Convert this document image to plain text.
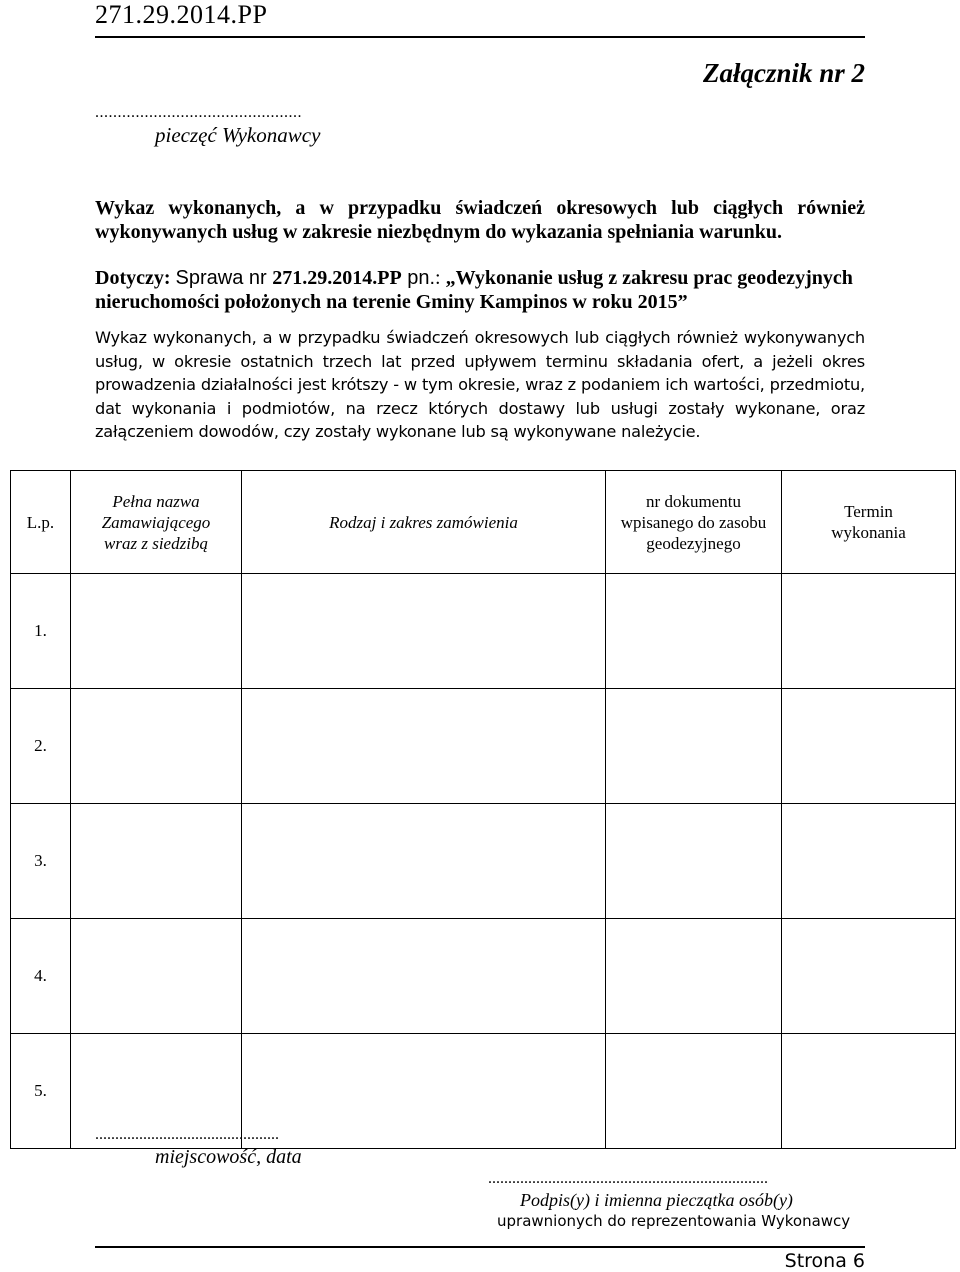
271.29.2014.PP
Załącznik nr 2
..............................................
pieczęć Wykonawcy
Wykaz wykonanych, a w przypadku świadczeń okresowych lub ciągłych również wykonywanych usług w zakresie niezbędnym do wykazania spełniania warunku.
Dotyczy: Sprawa nr 271.29.2014.PP pn.: „Wykonanie usług z zakresu prac geodezyjnych nieruchomości położonych na terenie Gminy Kampinos w roku 2015”
Wykaz wykonanych, a w przypadku świadczeń okresowych lub ciągłych również wykonywanych usług, w okresie ostatnich trzech lat przed upływem terminu składania ofert, a jeżeli okres prowadzenia działalności jest krótszy - w tym okresie, wraz z podaniem ich wartości, przedmiotu, dat wykonania i podmiotów, na rzecz których dostawy lub usługi zostały wykonane, oraz załączeniem dowodów, czy zostały wykonane lub są wykonywane należycie.
L.p.	Pełna nazwa Zamawiającego wraz z siedzibą	Rodzaj i zakres zamówienia	nr dokumentu wpisanego do zasobu geodezyjnego	Termin wykonania

1.				
2.				
3.				
4.				
5.				
..............................................
miejscowość, data
......................................................................
Podpis(y) i imienna pieczątka osób(y)
uprawnionych do reprezentowania Wykonawcy
Strona 6
